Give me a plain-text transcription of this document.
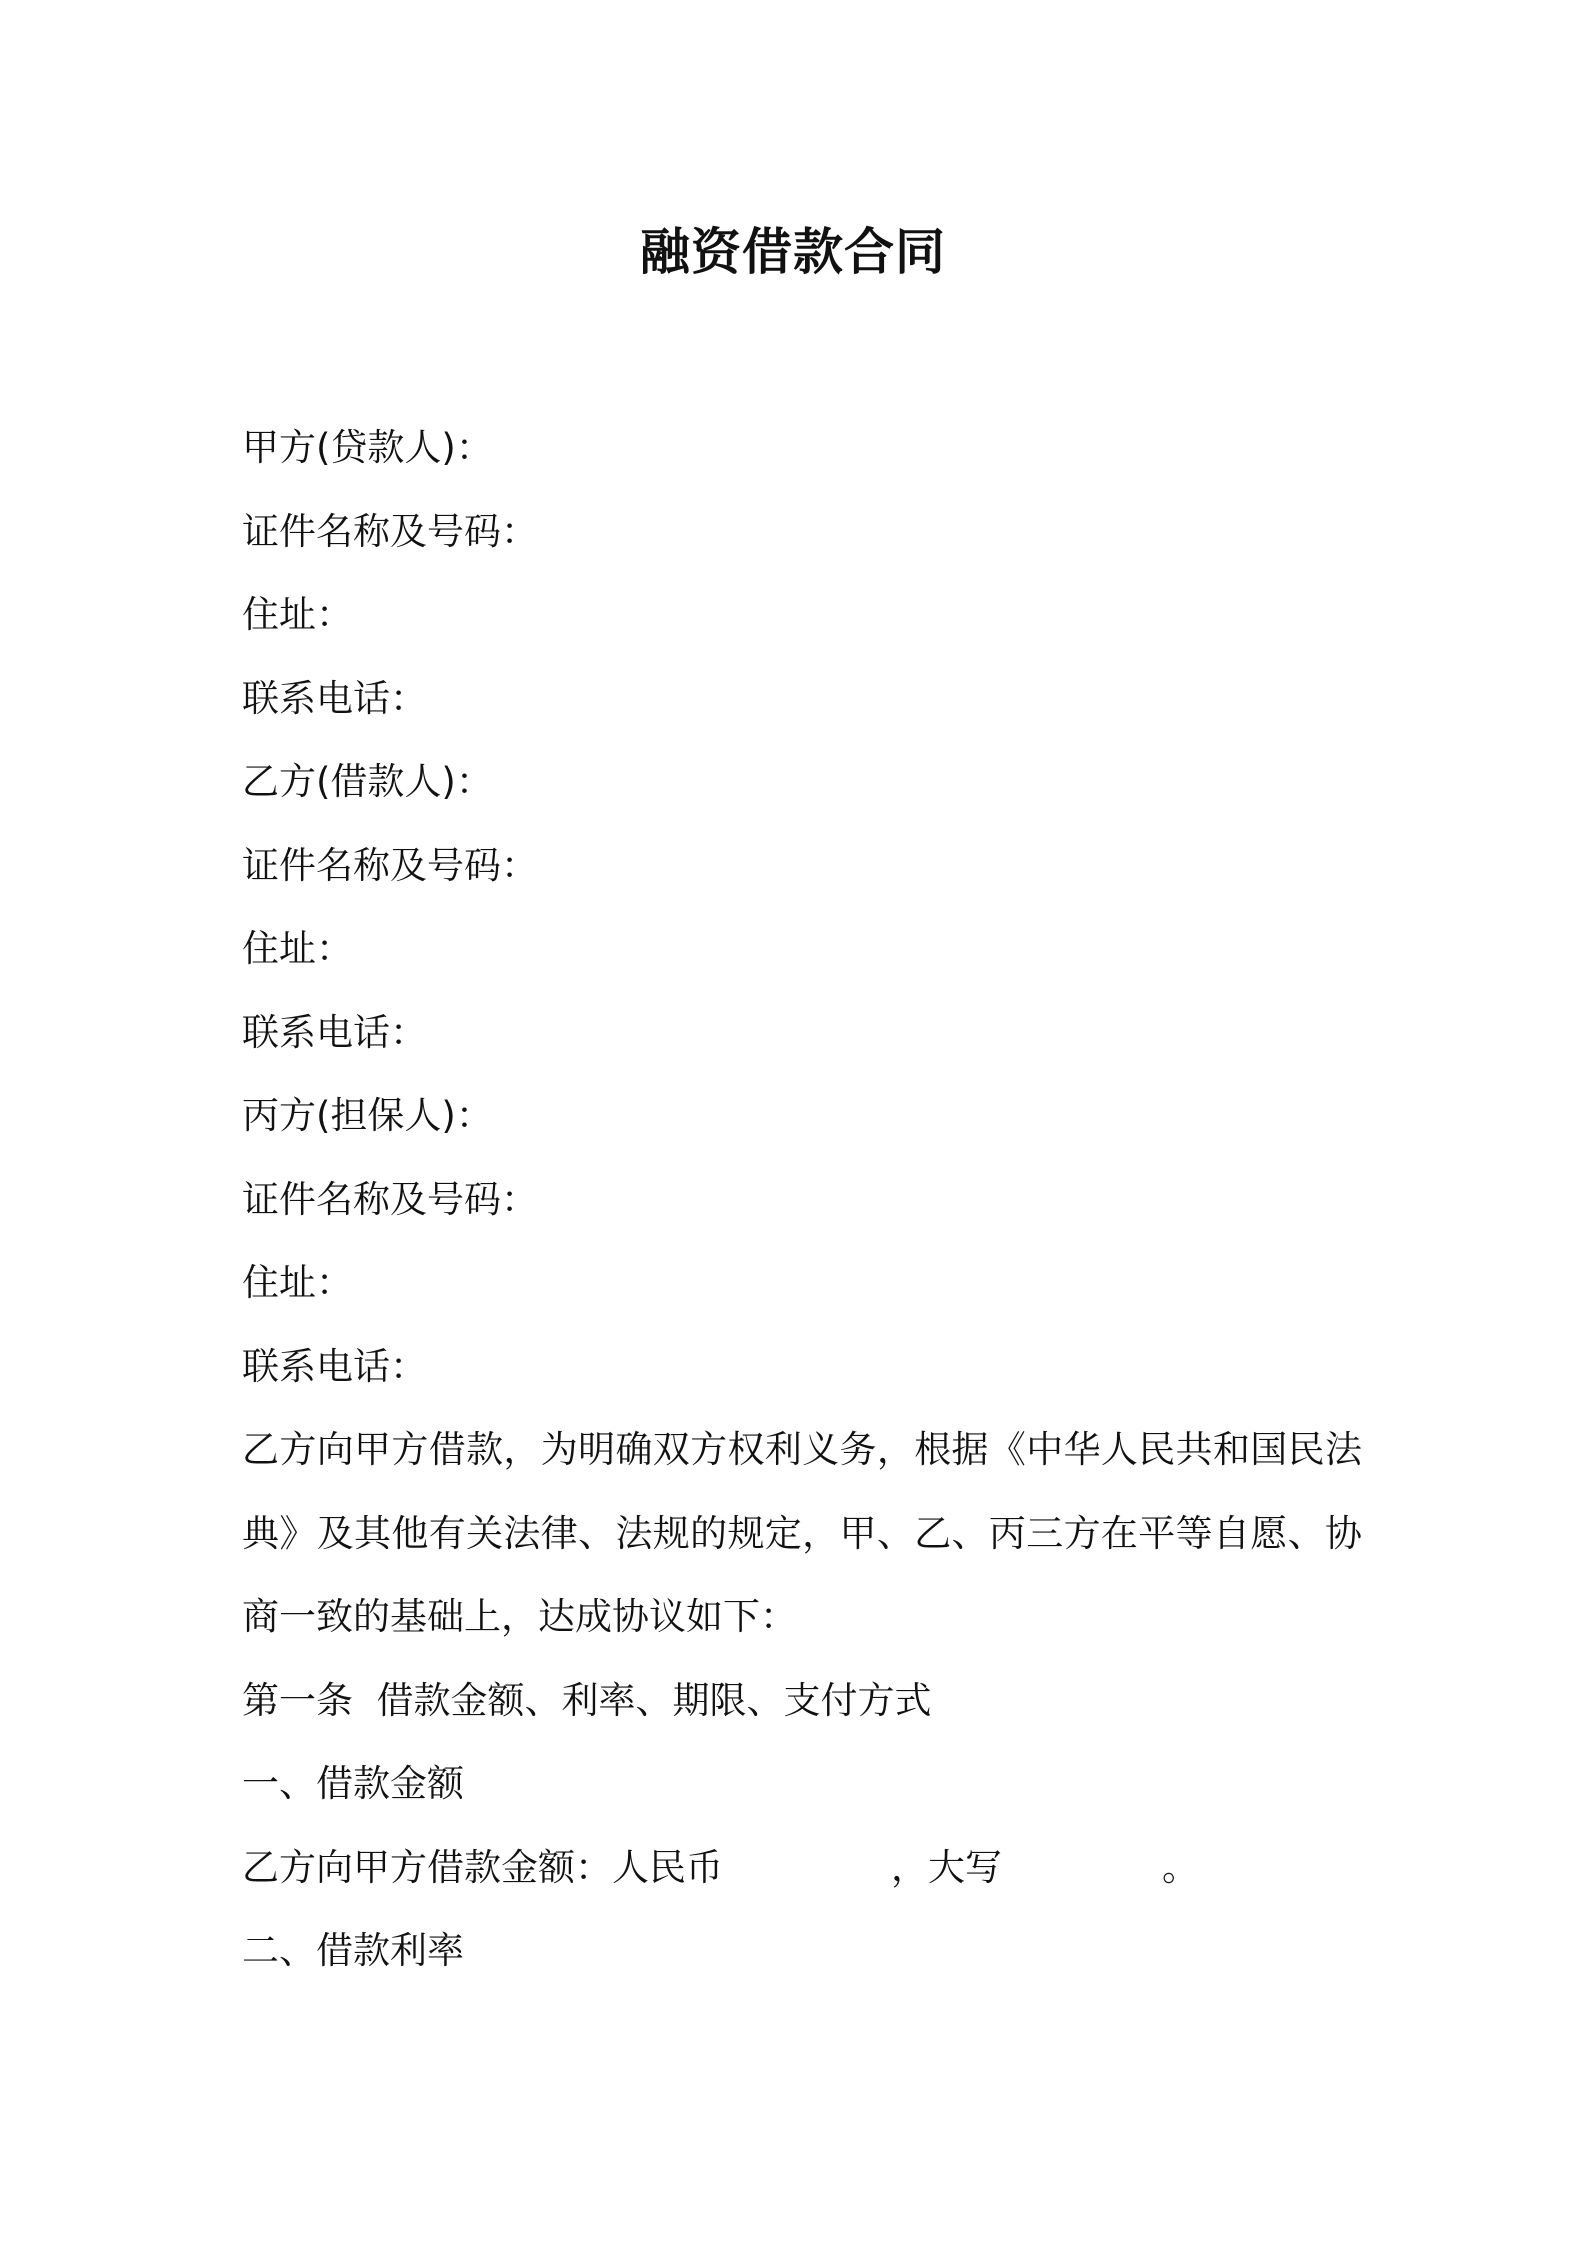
融资借款合同
甲方(贷款人)：
证件名称及号码：
住址：
联系电话：
乙方(借款人)：
证件名称及号码：
住址：
联系电话：
丙方(担保人)：
证件名称及号码：
住址：
联系电话：
乙方向甲方借款，为明确双方权利义务，根据《中华人民共和国民法典》及其他有关法律、法规的规定，甲、乙、丙三方在平等自愿、协商一致的基础上，达成协议如下：
第一条  借款金额、利率、期限、支付方式
一、借款金额
乙方向甲方借款金额：人民币	，大写	。
二、借款利率
